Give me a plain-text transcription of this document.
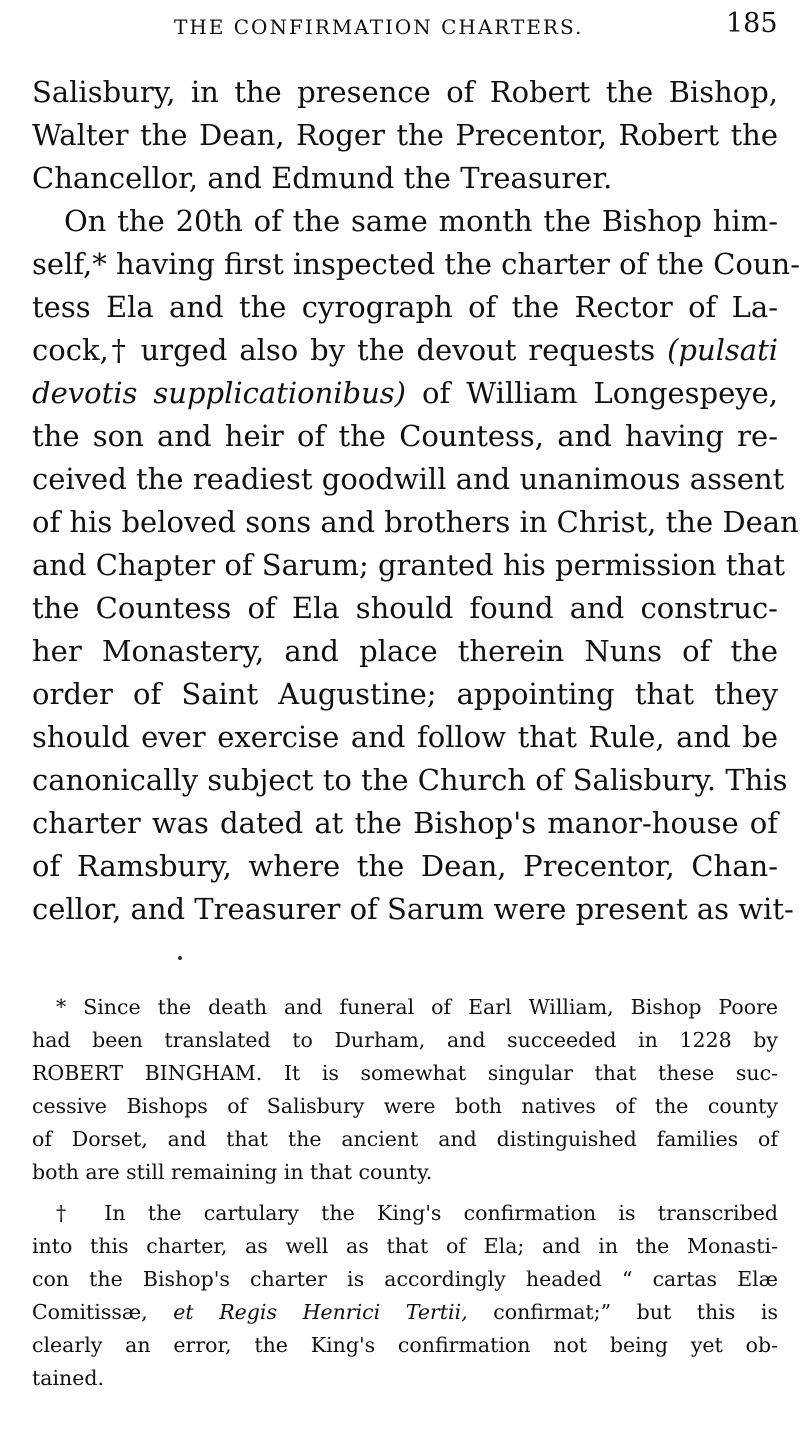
THE CONFIRMATION CHARTERS.	185
Salisbury, in the presence of Robert the Bishop,
Walter the Dean, Roger the Precentor, Robert the
Chancellor, and Edmund the Treasurer.
On the 20th of the same month the Bishop him-
self,* having first inspected the charter of the Coun-
tess Ela and the cyrograph of the Rector of La-
cock,† urged also by the devout requests (pulsati
devotis supplicationibus) of William Longespeye,
the son and heir of the Countess, and having re-
ceived the readiest goodwill and unanimous assent
of his beloved sons and brothers in Christ, the Dean
and Chapter of Sarum; granted his permission that
the Countess of Ela should found and construc-
her Monastery, and place therein Nuns of the
order of Saint Augustine; appointing that they
should ever exercise and follow that Rule, and be
canonically subject to the Church of Salisbury. This
charter was dated at the Bishop's manor-house of
of Ramsbury, where the Dean, Precentor, Chan-
cellor, and Treasurer of Sarum were present as wit-
* Since the death and funeral of Earl William, Bishop Poore
had been translated to Durham, and succeeded in 1228 by
ROBERT BINGHAM. It is somewhat singular that these suc-
cessive Bishops of Salisbury were both natives of the county
of Dorset, and that the ancient and distinguished families of
both are still remaining in that county.
† In the cartulary the King's confirmation is transcribed
into this charter, as well as that of Ela; and in the Monasti-
con the Bishop's charter is accordingly headed “ cartas Elæ
Comitissæ, et Regis Henrici Tertii, confirmat;” but this is
clearly an error, the King's confirmation not being yet ob-
tained.
